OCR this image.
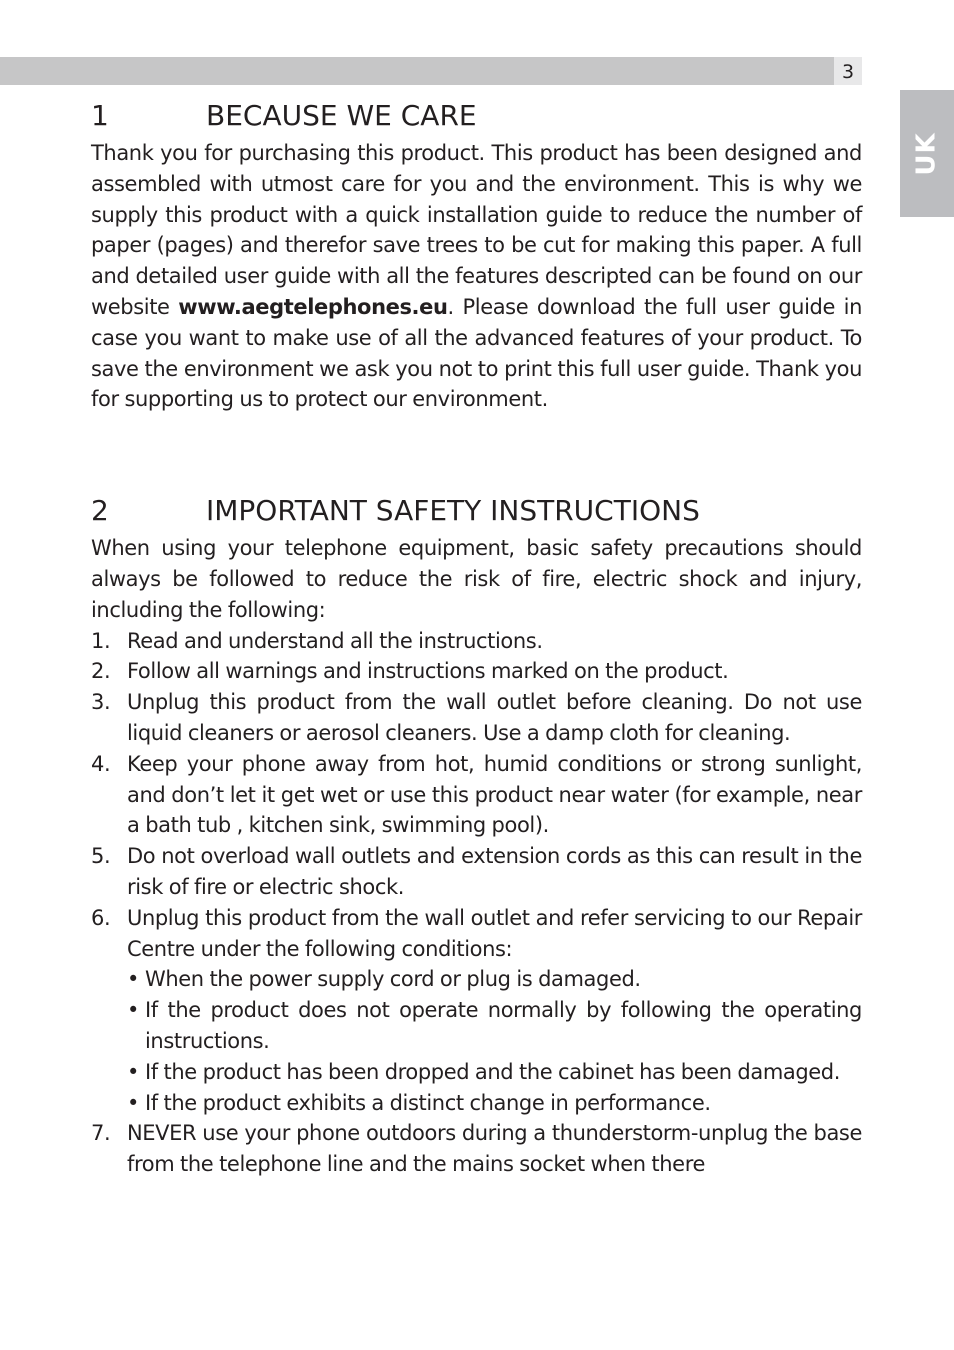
3
UK
1	BECAUSE WE CARE

Thank you for purchasing this product. This product has been designed and assembled with utmost care for you and the environment. This is why we supply this product with a quick installation guide to reduce the number of paper (pages) and therefor save trees to be cut for making this paper. A full and detailed user guide with all the features descripted can be found on our website www.aegtelephones.eu. Please download the full user guide in case you want to make use of all the advanced features of your product. To save the environment we ask you not to print this full user guide. Thank you for supporting us to protect our environment.

2	IMPORTANT SAFETY INSTRUCTIONS

When using your telephone equipment, basic safety precautions should always be followed to reduce the risk of fire, electric shock and injury, including the following:

1. Read and understand all the instructions.
2. Follow all warnings and instructions marked on the product.
3. Unplug this product from the wall outlet before cleaning. Do not use liquid cleaners or aerosol cleaners. Use a damp cloth for cleaning.
4. Keep your phone away from hot, humid conditions or strong sunlight, and don’t let it get wet or use this product near water (for example, near a bath tub , kitchen sink, swimming pool).
5. Do not overload wall outlets and extension cords as this can result in the risk of fire or electric shock.
6. Unplug this product from the wall outlet and refer servicing to our Repair Centre under the following conditions:
• When the power supply cord or plug is damaged.
• If the product does not operate normally by following the operating instructions.
• If the product has been dropped and the cabinet has been damaged.
• If the product exhibits a distinct change in performance.
7. NEVER use your phone outdoors during a thunderstorm-unplug the base from the telephone line and the mains socket when there
